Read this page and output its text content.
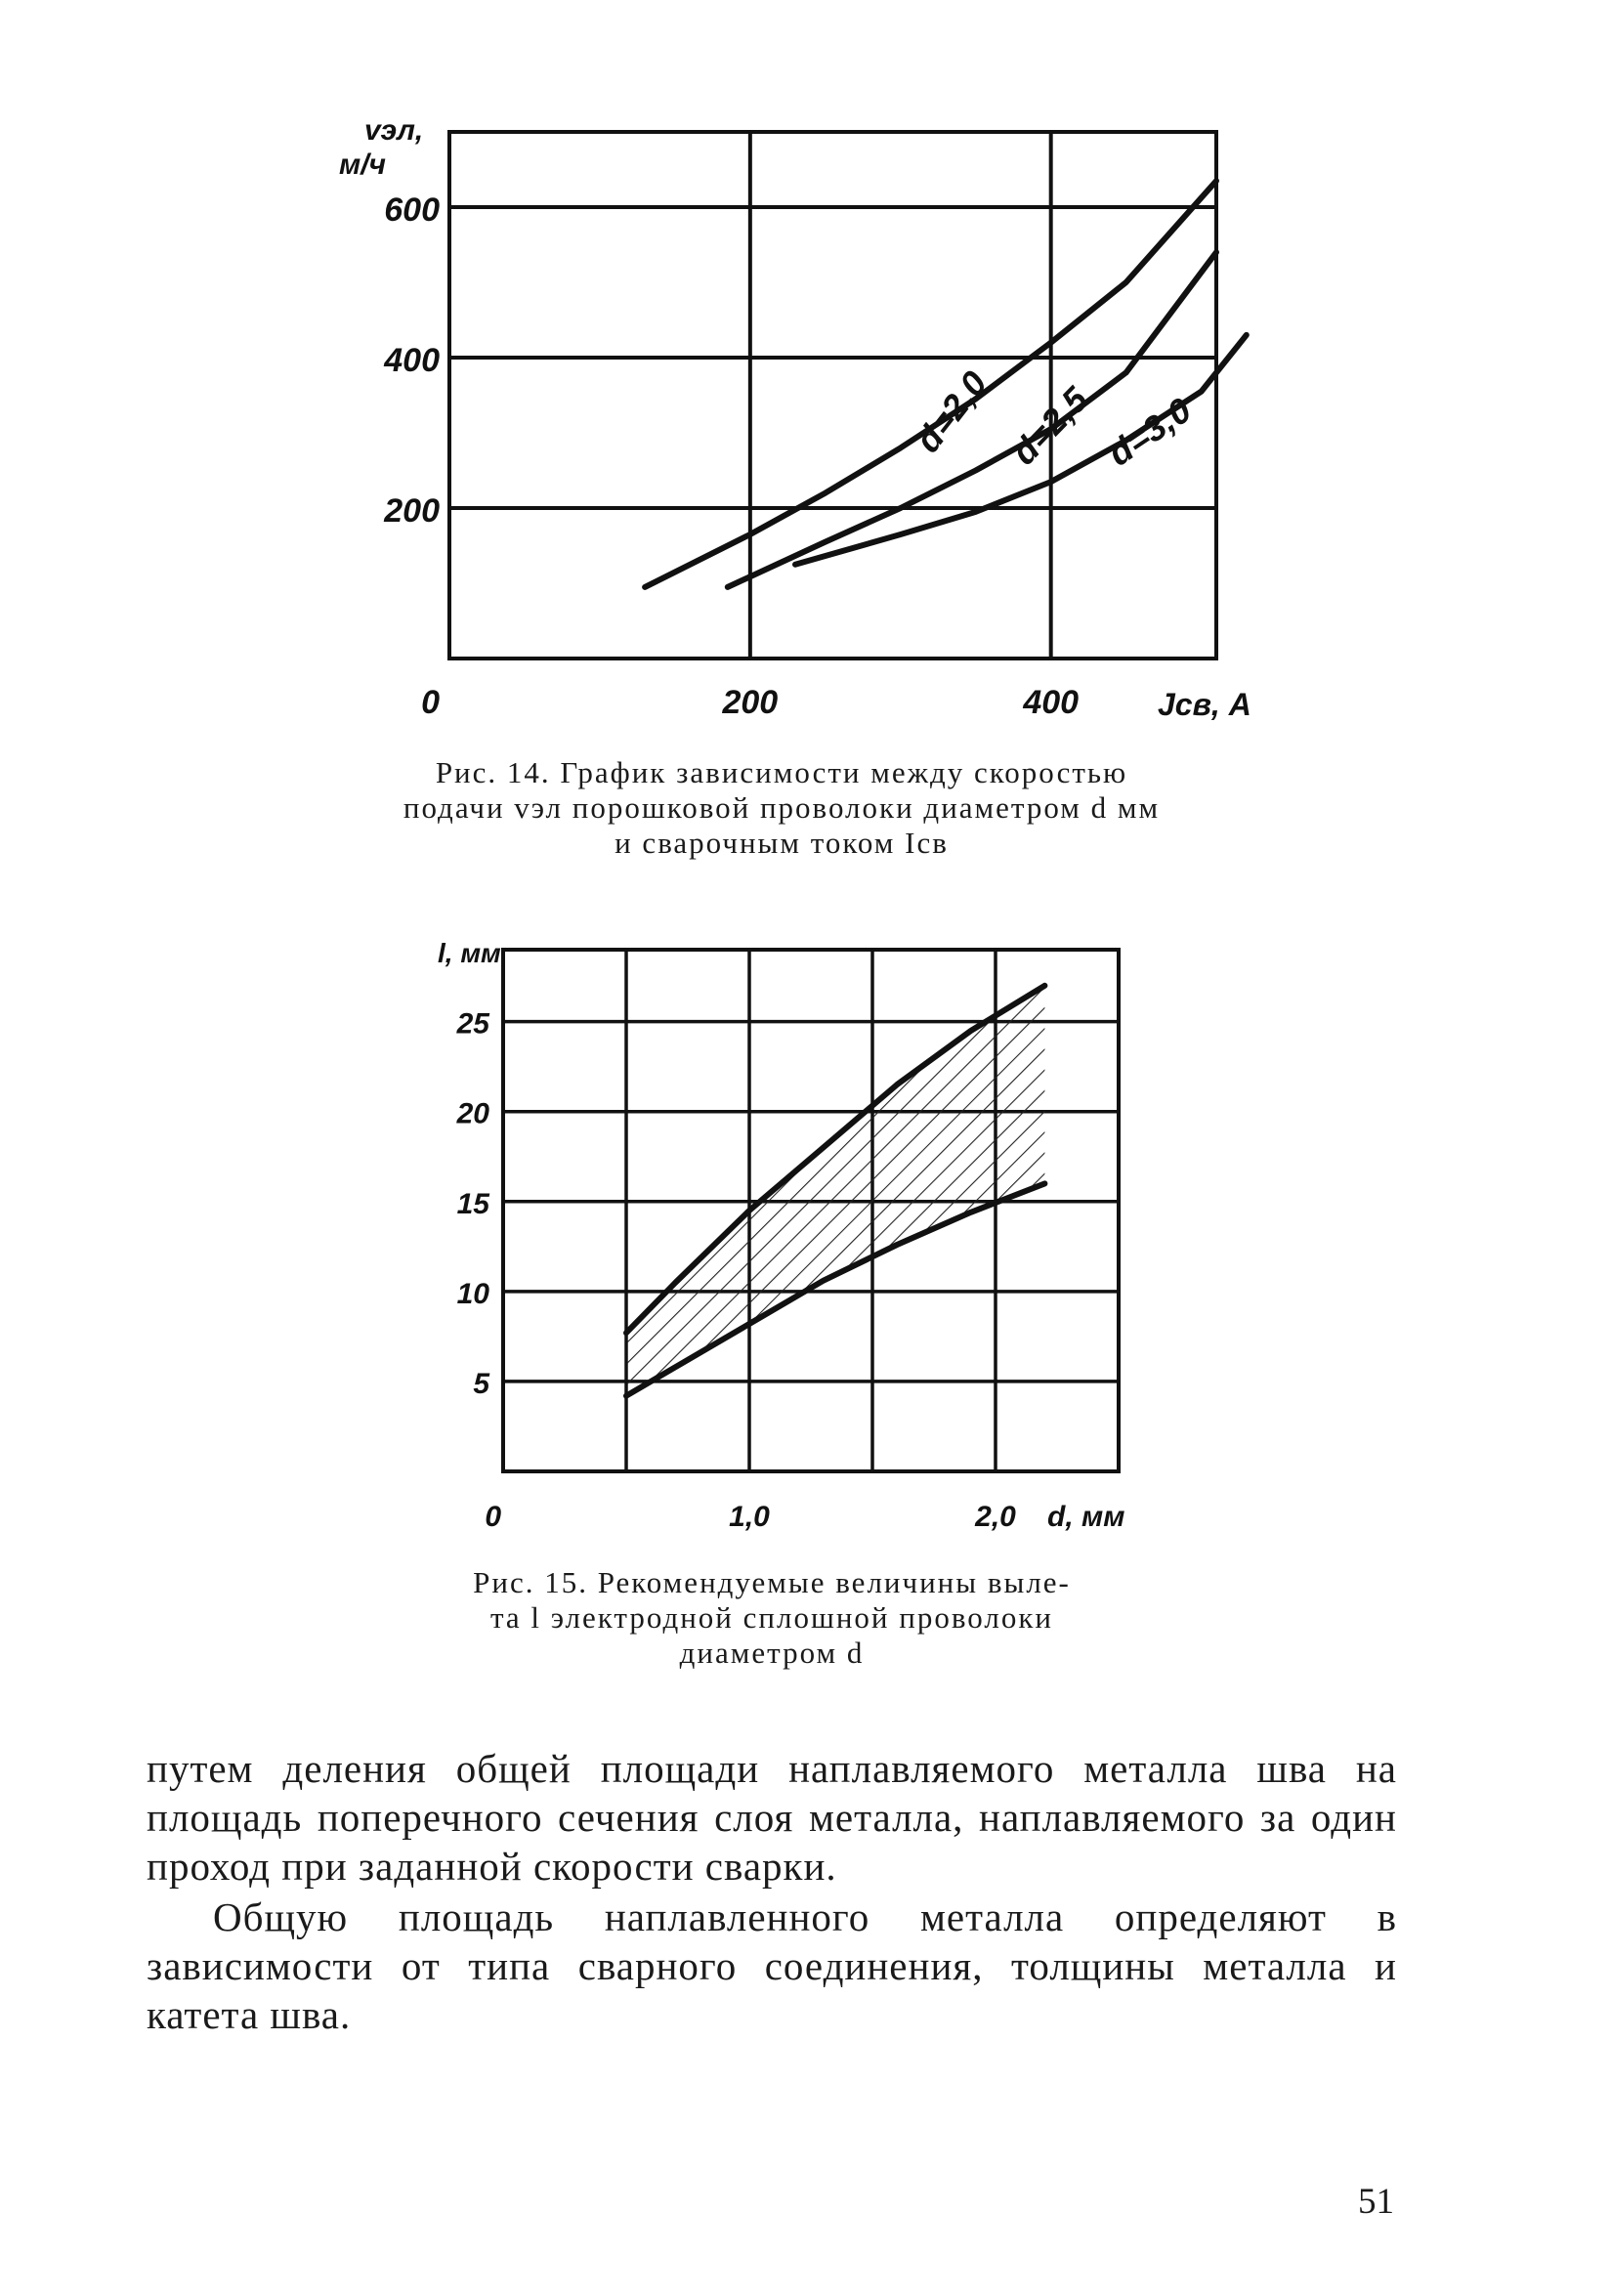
d=2,0 d=2,5 d=3,0
200
400
600
200	400
0	Jсв, A
vэл,
м/ч
5
10
15
20
25
1,0	2,0
0	d, мм
l, мм

Рис. 14. График зависимости между скоростью

подачи vэл порошковой проволоки диаметром d мм

и сварочным током Iсв

Рис. 15. Рекомендуемые величины выле-

та l электродной сплошной проволоки

диаметром d

путем деления общей площади наплавляемого металла шва на площадь поперечного сечения слоя металла, наплавляемого за один проход при заданной скорости сварки.

Общую площадь наплавленного металла определяют в зависимости от типа сварного соединения, толщины металла и катета шва.

51
